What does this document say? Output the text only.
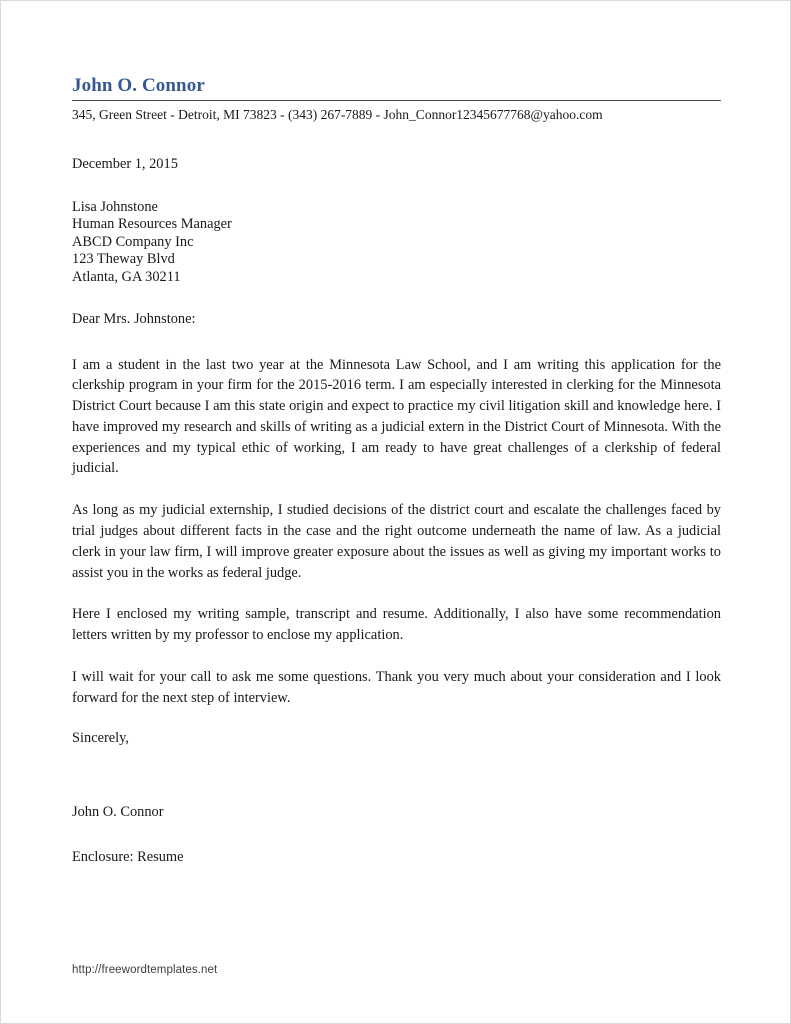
John O. Connor
345, Green Street - Detroit, MI 73823 - (343) 267-7889 - John_Connor12345677768@yahoo.com
December 1, 2015
Lisa Johnstone
Human Resources Manager
ABCD Company Inc
123 Theway Blvd
Atlanta, GA 30211
Dear Mrs. Johnstone:

I am a student in the last two year at the Minnesota Law School, and I am writing this application for the clerkship program in your firm for the 2015-2016 term. I am especially interested in clerking for the Minnesota District Court because I am this state origin and expect to practice my civil litigation skill and knowledge here. I have improved my research and skills of writing as a judicial extern in the District Court of Minnesota. With the experiences and my typical ethic of working, I am ready to have great challenges of a clerkship of federal judicial.

As long as my judicial externship, I studied decisions of the district court and escalate the challenges faced by trial judges about different facts in the case and the right outcome underneath the name of law. As a judicial clerk in your law firm, I will improve greater exposure about the issues as well as giving my important works to assist you in the works as federal judge.

Here I enclosed my writing sample, transcript and resume. Additionally, I also have some recommendation letters written by my professor to enclose my application.

I will wait for your call to ask me some questions. Thank you very much about your consideration and I look forward for the next step of interview.

Sincerely,
John O. Connor
Enclosure: Resume
http://freewordtemplates.net
